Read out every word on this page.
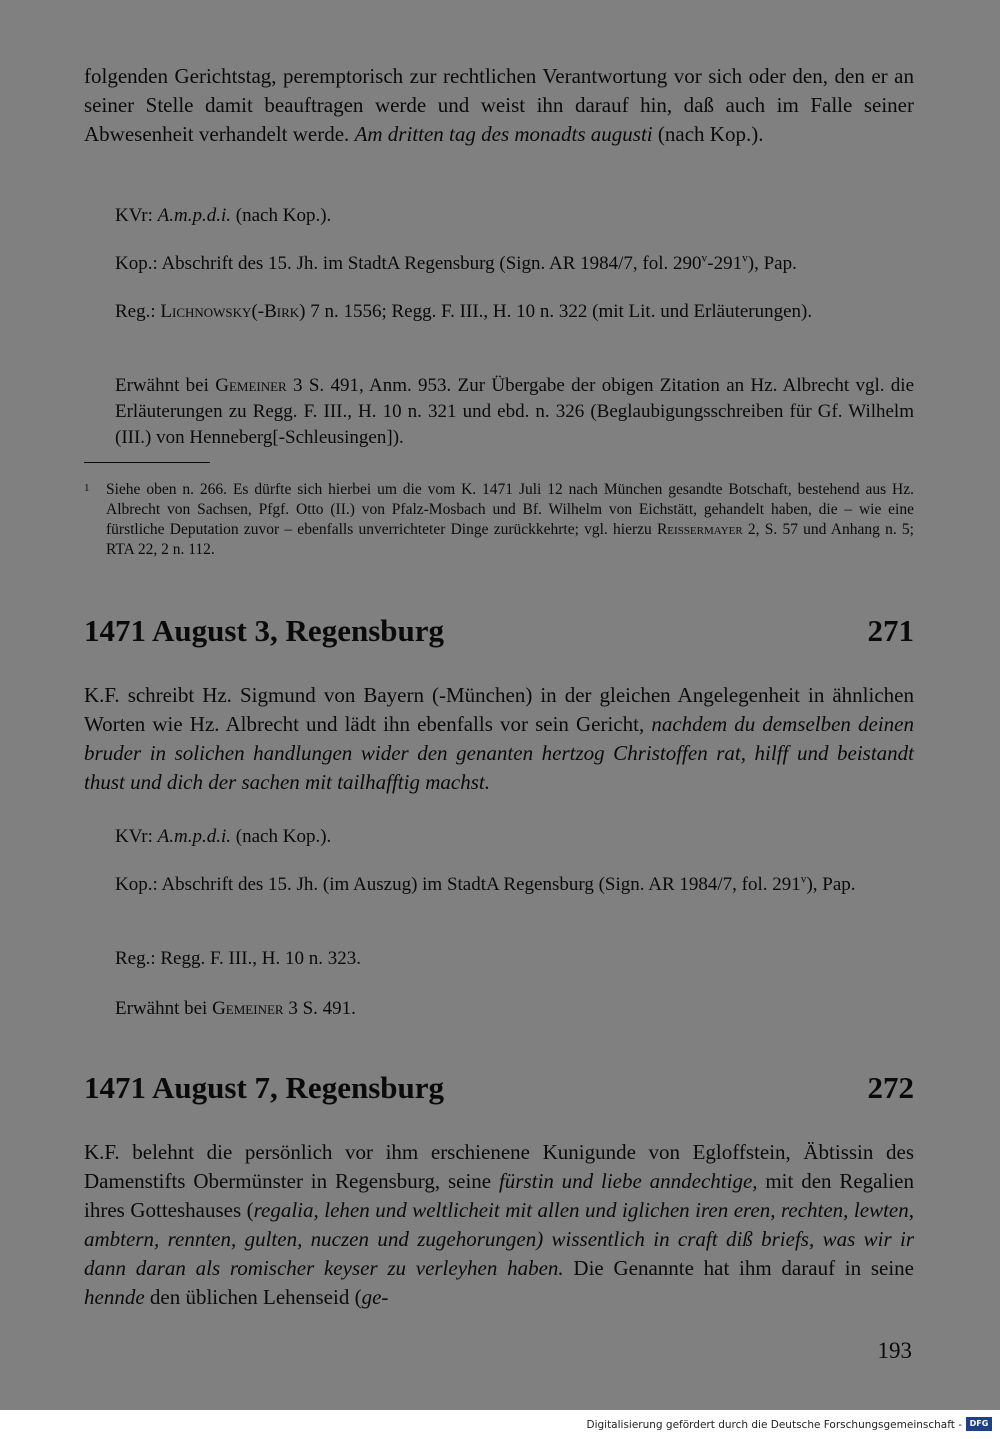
folgenden Gerichtstag, peremptorisch zur rechtlichen Verantwortung vor sich oder den, den er an seiner Stelle damit beauftragen werde und weist ihn darauf hin, daß auch im Falle seiner Abwesenheit verhandelt werde. Am dritten tag des monadts augusti (nach Kop.).

KVr: A.m.p.d.i. (nach Kop.).

Kop.: Abschrift des 15. Jh. im StadtA Regensburg (Sign. AR 1984/7, fol. 290$^v$-291$^v$), Pap.

Reg.: Lichnowsky(-Birk) 7 n. 1556; Regg. F. III., H. 10 n. 322 (mit Lit. und Erläuterungen).

Erwähnt bei Gemeiner 3 S. 491, Anm. 953. Zur Übergabe der obigen Zitation an Hz. Albrecht vgl. die Erläuterungen zu Regg. F. III., H. 10 n. 321 und ebd. n. 326 (Beglaubigungsschreiben für Gf. Wilhelm (III.) von Henneberg[-Schleusingen]).

1	Siehe oben n. 266. Es dürfte sich hierbei um die vom K. 1471 Juli 12 nach München gesandte Botschaft, bestehend aus Hz. Albrecht von Sachsen, Pfgf. Otto (II.) von Pfalz-Mosbach und Bf. Wilhelm von Eichstätt, gehandelt haben, die – wie eine fürstliche Deputation zuvor – ebenfalls unverrichteter Dinge zurückkehrte; vgl. hierzu Reissermayer 2, S. 57 und Anhang n. 5; RTA 22, 2 n. 112.

1471 August 3, Regensburg	271

K.F. schreibt Hz. Sigmund von Bayern (-München) in der gleichen Angelegenheit in ähnlichen Worten wie Hz. Albrecht und lädt ihn ebenfalls vor sein Gericht, nachdem du demselben deinen bruder in solichen handlungen wider den genanten hertzog Christoffen rat, hilff und beistandt thust und dich der sachen mit tailhafftig machst.

KVr: A.m.p.d.i. (nach Kop.).

Kop.: Abschrift des 15. Jh. (im Auszug) im StadtA Regensburg (Sign. AR 1984/7, fol. 291$^v$), Pap.

Reg.: Regg. F. III., H. 10 n. 323.

Erwähnt bei Gemeiner 3 S. 491.

1471 August 7, Regensburg	272

K.F. belehnt die persönlich vor ihm erschienene Kunigunde von Egloffstein, Äbtissin des Damenstifts Obermünster in Regensburg, seine fürstin und liebe anndechtige, mit den Regalien ihres Gotteshauses (regalia, lehen und weltlicheit mit allen und iglichen iren eren, rechten, lewten, ambtern, rennten, gulten, nuczen und zugehorungen) wissentlich in craft diß briefs, was wir ir dann daran als romischer keyser zu verleyhen haben. Die Genannte hat ihm darauf in seine hennde den üblichen Lehenseid (ge-

193
Digitalisierung gefördert durch die Deutsche Forschungsgemeinschaft - DFG
